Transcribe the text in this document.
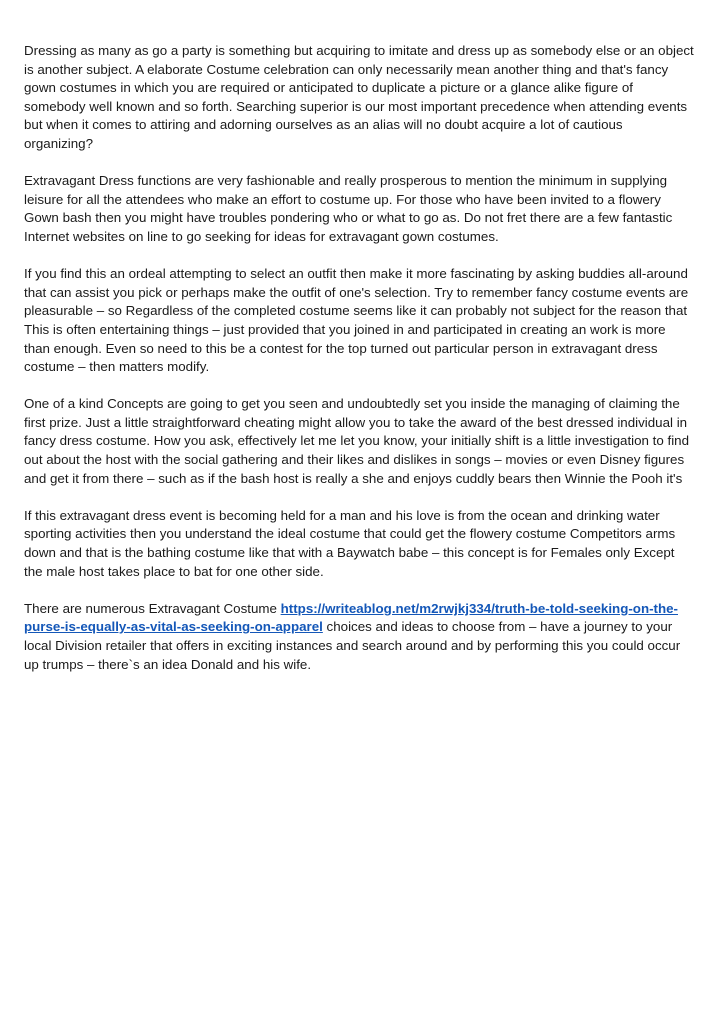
Dressing as many as go a party is something but acquiring to imitate and dress up as somebody else or an object is another subject. A elaborate Costume celebration can only necessarily mean another thing and that's fancy gown costumes in which you are required or anticipated to duplicate a picture or a glance alike figure of somebody well known and so forth. Searching superior is our most important precedence when attending events but when it comes to attiring and adorning ourselves as an alias will no doubt acquire a lot of cautious organizing?

Extravagant Dress functions are very fashionable and really prosperous to mention the minimum in supplying leisure for all the attendees who make an effort to costume up. For those who have been invited to a flowery Gown bash then you might have troubles pondering who or what to go as. Do not fret there are a few fantastic Internet websites on line to go seeking for ideas for extravagant gown costumes.

If you find this an ordeal attempting to select an outfit then make it more fascinating by asking buddies all-around that can assist you pick or perhaps make the outfit of one's selection. Try to remember fancy costume events are pleasurable – so Regardless of the completed costume seems like it can probably not subject for the reason that This is often entertaining things – just provided that you joined in and participated in creating an work is more than enough. Even so need to this be a contest for the top turned out particular person in extravagant dress costume – then matters modify.

One of a kind Concepts are going to get you seen and undoubtedly set you inside the managing of claiming the first prize. Just a little straightforward cheating might allow you to take the award of the best dressed individual in fancy dress costume. How you ask, effectively let me let you know, your initially shift is a little investigation to find out about the host with the social gathering and their likes and dislikes in songs – movies or even Disney figures and get it from there – such as if the bash host is really a she and enjoys cuddly bears then Winnie the Pooh it's

If this extravagant dress event is becoming held for a man and his love is from the ocean and drinking water sporting activities then you understand the ideal costume that could get the flowery costume Competitors arms down and that is the bathing costume like that with a Baywatch babe – this concept is for Females only Except the male host takes place to bat for one other side.

There are numerous Extravagant Costume https://writeablog.net/m2rwjkj334/truth-be-told-seeking-on-the-purse-is-equally-as-vital-as-seeking-on-apparel choices and ideas to choose from – have a journey to your local Division retailer that offers in exciting instances and search around and by performing this you could occur up trumps – there`s an idea Donald and his wife.
